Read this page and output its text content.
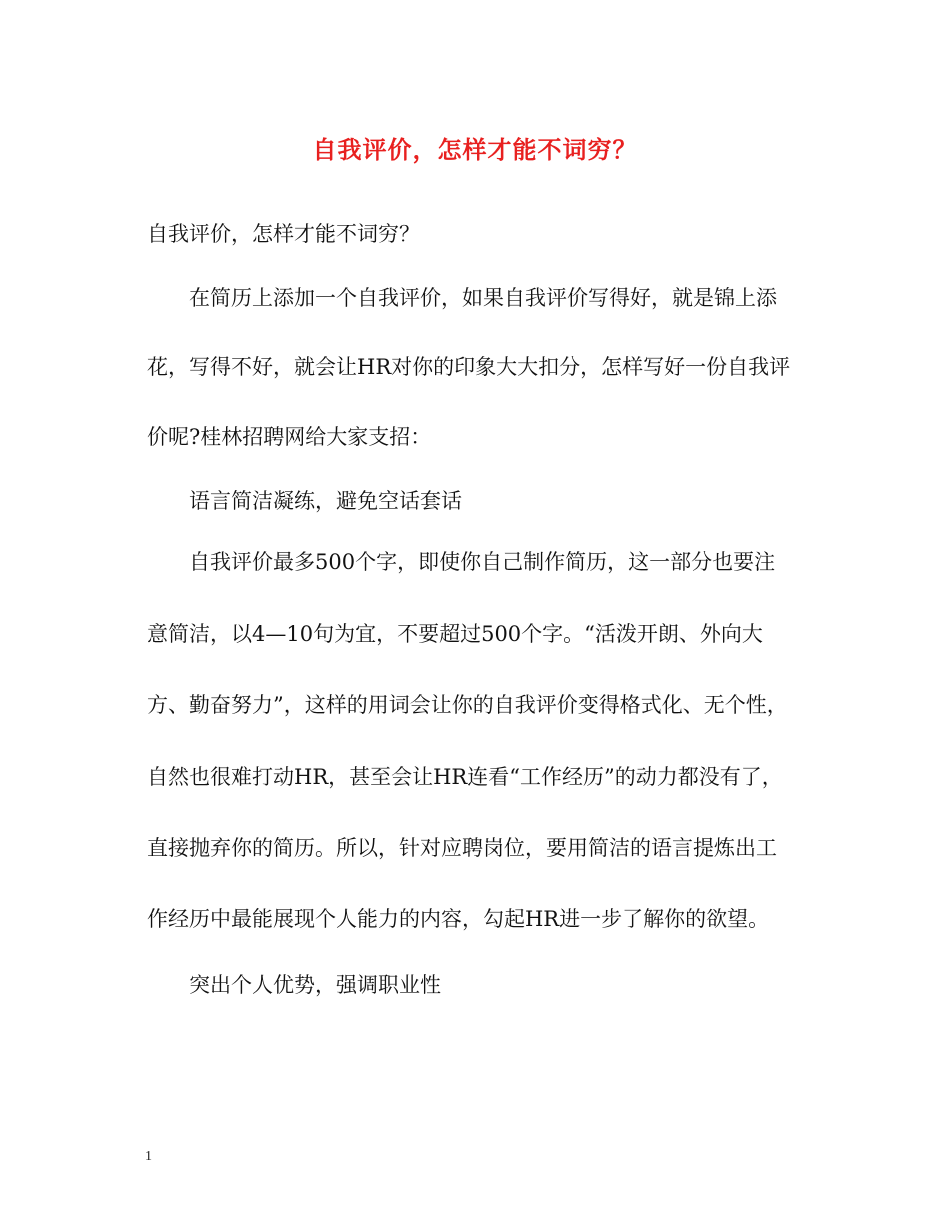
自我评价，怎样才能不词穷？
自我评价，怎样才能不词穷？
在简历上添加一个自我评价，如果自我评价写得好，就是锦上添
花，写得不好，就会让HR对你的印象大大扣分，怎样写好一份自我评
价呢?桂林招聘网给大家支招：
语言简洁凝练，避免空话套话
自我评价最多500个字，即使你自己制作简历，这一部分也要注
意简洁，以4—10句为宜，不要超过500个字。“活泼开朗、外向大
方、勤奋努力”，这样的用词会让你的自我评价变得格式化、无个性，
自然也很难打动HR，甚至会让HR连看“工作经历”的动力都没有了，
直接抛弃你的简历。所以，针对应聘岗位，要用简洁的语言提炼出工
作经历中最能展现个人能力的内容，勾起HR进一步了解你的欲望。
突出个人优势，强调职业性
1
